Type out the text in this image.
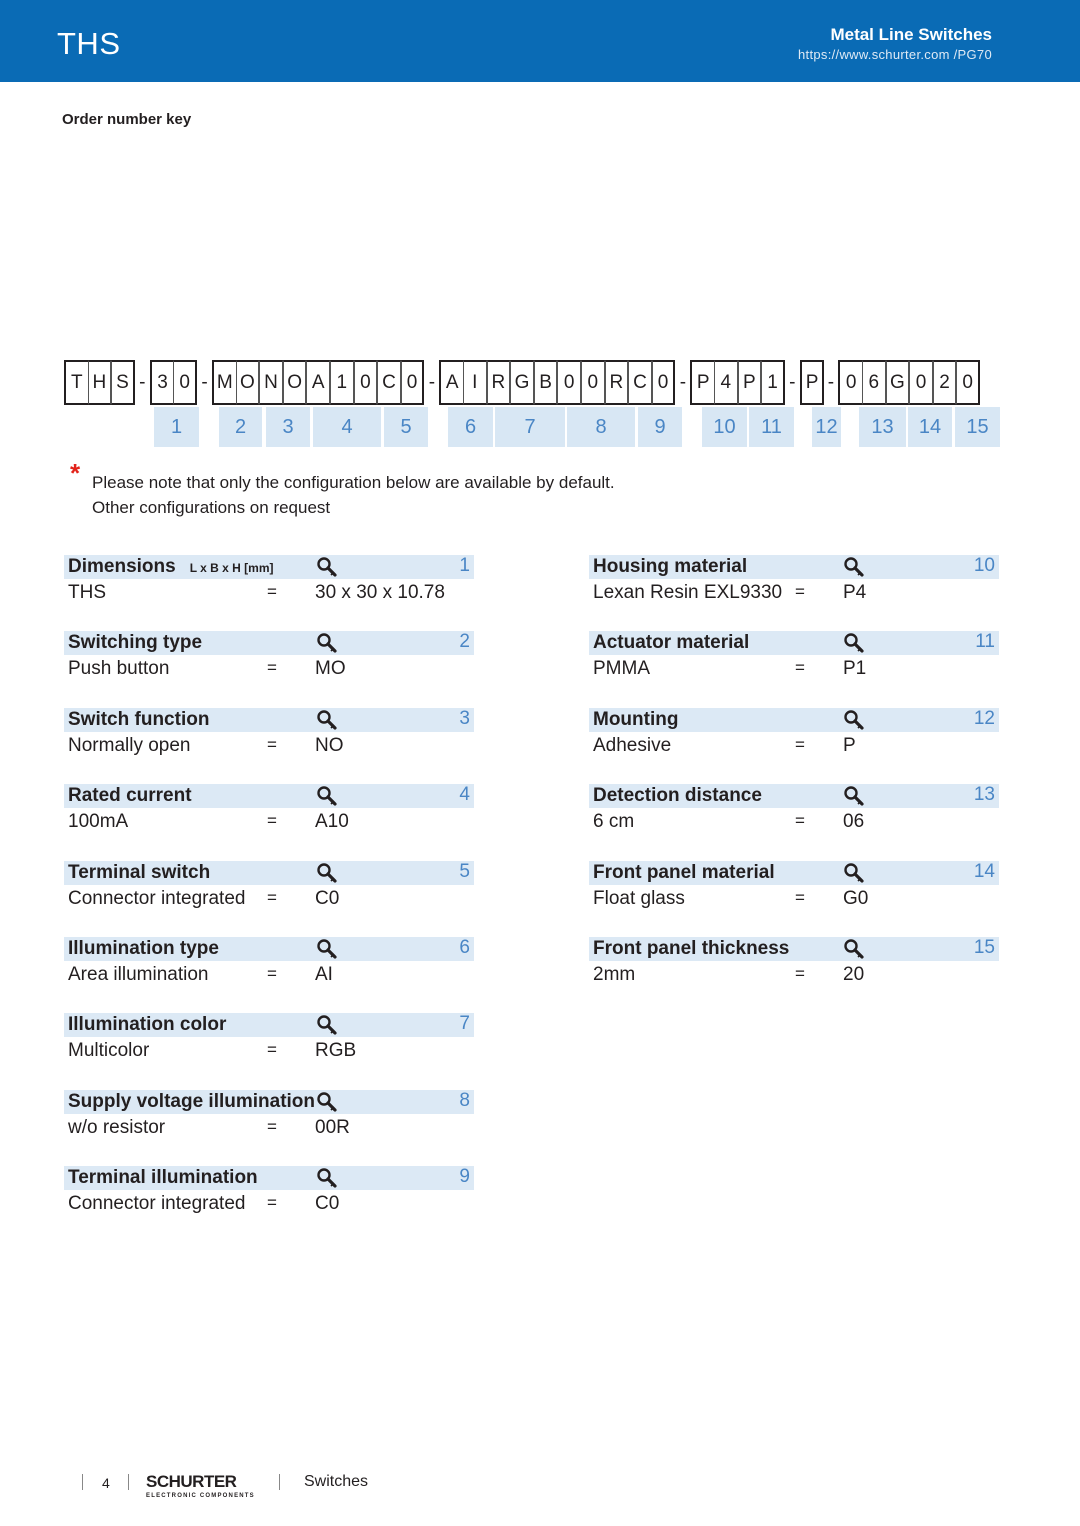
THS	Metal Line Switches
https://www.schurter.com /PG70
Order number key
T H S - 3 0 - M O N O A 1 0 C 0 - A I R G B 0 0 R C 0 - P 4 P 1 - P - 0 6 G 0 2 0
1	2	3	4	5	6	7	8	9	10	11	12	13	14	15
* Please note that only the configuration below are available by default.
Other configurations on request
Dimensions L x B x H [mm]	1
THS	= 30 x 30 x 10.78
Switching type	2
Push button	= MO
Switch function	3
Normally open	= NO
Rated current	4
100mA	= A10
Terminal switch	5
Connector integrated = C0
Illumination type	6
Area illumination	= AI
Illumination color	7
Multicolor	= RGB
Supply voltage illumination	8
w/o resistor	= 00R
Terminal illumination	9
Connector integrated = C0
Housing material	10
Lexan Resin EXL9330 = P4
Actuator material	11
PMMA	= P1
Mounting	12
Adhesive	= P
Detection distance	13
6 cm	= 06
Front panel material	14
Float glass	= G0
Front panel thickness	15
2mm	= 20
4 SCHURTER
ELECTRONIC COMPONENTS
Switches
